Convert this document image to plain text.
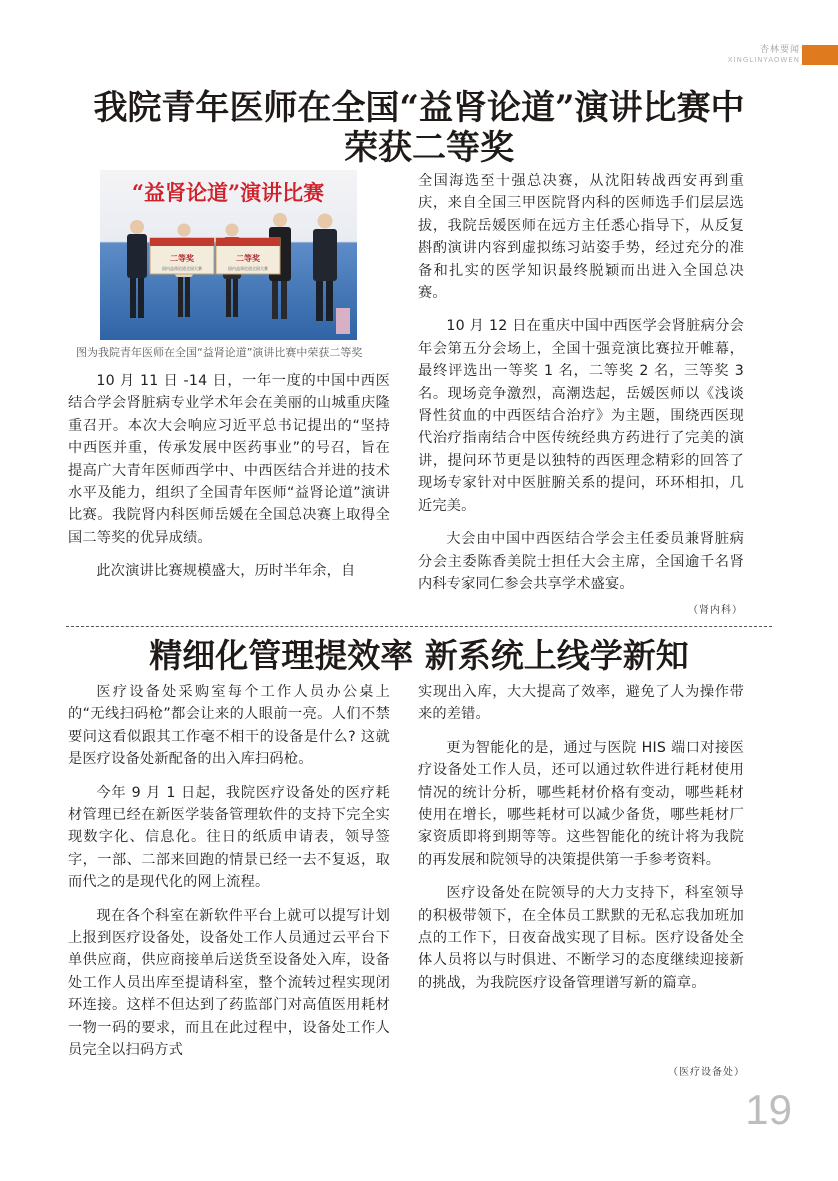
杏林要闻
XINGLINYAOWEN
我院青年医师在全国“益肾论道”演讲比赛中
荣获二等奖
“益肾论道”演讲比赛
二等奖
国内益肾论道全国大赛
二等奖
国内益肾论道全国大赛
图为我院青年医师在全国“益肾论道”演讲比赛中荣获二等奖

10 月 11 日 -14 日，一年一度的中国中西医结合学会肾脏病专业学术年会在美丽的山城重庆隆重召开。本次大会响应习近平总书记提出的“坚持中西医并重，传承发展中医药事业”的号召，旨在提高广大青年医师西学中、中西医结合并进的技术水平及能力，组织了全国青年医师“益肾论道”演讲比赛。我院肾内科医师岳媛在全国总决赛上取得全国二等奖的优异成绩。

此次演讲比赛规模盛大，历时半年余，自

全国海选至十强总决赛，从沈阳转战西安再到重庆，来自全国三甲医院肾内科的医师选手们层层选拔，我院岳媛医师在远方主任悉心指导下，从反复斟酌演讲内容到虚拟练习站姿手势，经过充分的准备和扎实的医学知识最终脱颖而出进入全国总决赛。

10 月 12 日在重庆中国中西医学会肾脏病分会年会第五分会场上，全国十强竞演比赛拉开帷幕，最终评选出一等奖 1 名，二等奖 2 名，三等奖 3 名。现场竞争激烈，高潮迭起，岳媛医师以《浅谈肾性贫血的中西医结合治疗》为主题，围绕西医现代治疗指南结合中医传统经典方药进行了完美的演讲，提问环节更是以独特的西医理念精彩的回答了现场专家针对中医脏腑关系的提问，环环相扣，几近完美。

大会由中国中西医结合学会主任委员兼肾脏病分会主委陈香美院士担任大会主席，全国逾千名肾内科专家同仁参会共享学术盛宴。

（肾内科）
精细化管理提效率 新系统上线学新知

医疗设备处采购室每个工作人员办公桌上的“无线扫码枪”都会让来的人眼前一亮。人们不禁要问这看似跟其工作毫不相干的设备是什么? 这就是医疗设备处新配备的出入库扫码枪。

今年 9 月 1 日起，我院医疗设备处的医疗耗材管理已经在新医学装备管理软件的支持下完全实现数字化、信息化。往日的纸质申请表，领导签字，一部、二部来回跑的情景已经一去不复返，取而代之的是现代化的网上流程。

现在各个科室在新软件平台上就可以提写计划上报到医疗设备处，设备处工作人员通过云平台下单供应商，供应商接单后送货至设备处入库，设备处工作人员出库至提请科室，整个流转过程实现闭环连接。这样不但达到了药监部门对高值医用耗材一物一码的要求，而且在此过程中，设备处工作人员完全以扫码方式

实现出入库，大大提高了效率，避免了人为操作带来的差错。

更为智能化的是，通过与医院 HIS 端口对接医疗设备处工作人员，还可以通过软件进行耗材使用情况的统计分析，哪些耗材价格有变动，哪些耗材使用在增长，哪些耗材可以减少备货，哪些耗材厂家资质即将到期等等。这些智能化的统计将为我院的再发展和院领导的决策提供第一手参考资料。

医疗设备处在院领导的大力支持下，科室领导的积极带领下，在全体员工默默的无私忘我加班加点的工作下，日夜奋战实现了目标。医疗设备处全体人员将以与时俱进、不断学习的态度继续迎接新的挑战，为我院医疗设备管理谱写新的篇章。

（医疗设备处）
19
